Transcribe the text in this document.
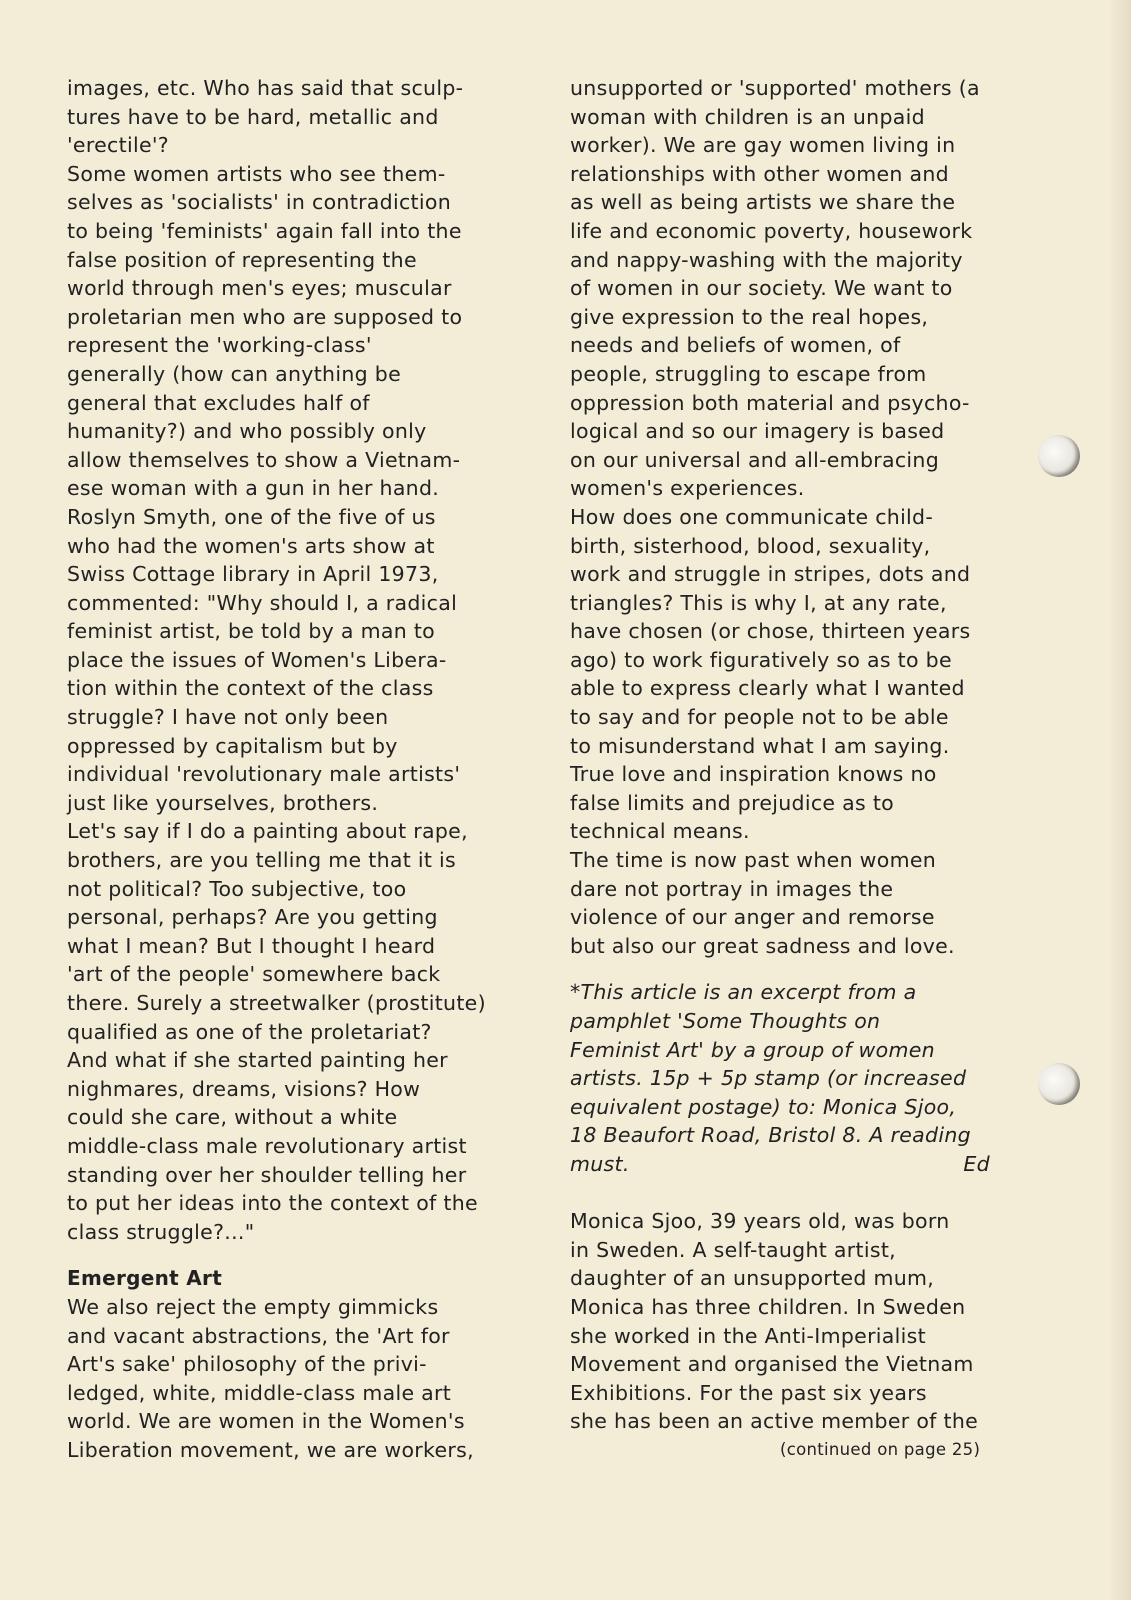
images, etc. Who has said that sculp-
tures have to be hard, metallic and
'erectile'?
Some women artists who see them-
selves as 'socialists' in contradiction
to being 'feminists' again fall into the
false position of representing the
world through men's eyes; muscular
proletarian men who are supposed to
represent the 'working-class'
generally (how can anything be
general that excludes half of
humanity?) and who possibly only
allow themselves to show a Vietnam-
ese woman with a gun in her hand.
Roslyn Smyth, one of the five of us
who had the women's arts show at
Swiss Cottage library in April 1973,
commented: "Why should I, a radical
feminist artist, be told by a man to
place the issues of Women's Libera-
tion within the context of the class
struggle? I have not only been
oppressed by capitalism but by
individual 'revolutionary male artists'
just like yourselves, brothers.
Let's say if I do a painting about rape,
brothers, are you telling me that it is
not political? Too subjective, too
personal, perhaps? Are you getting
what I mean? But I thought I heard
'art of the people' somewhere back
there. Surely a streetwalker (prostitute)
qualified as one of the proletariat?
And what if she started painting her
nighmares, dreams, visions? How
could she care, without a white
middle-class male revolutionary artist
standing over her shoulder telling her
to put her ideas into the context of the
class struggle?..."
Emergent Art
We also reject the empty gimmicks
and vacant abstractions, the 'Art for
Art's sake' philosophy of the privi-
ledged, white, middle-class male art
world. We are women in the Women's
Liberation movement, we are workers,
unsupported or 'supported' mothers (a
woman with children is an unpaid
worker). We are gay women living in
relationships with other women and
as well as being artists we share the
life and economic poverty, housework
and nappy-washing with the majority
of women in our society. We want to
give expression to the real hopes,
needs and beliefs of women, of
people, struggling to escape from
oppression both material and psycho-
logical and so our imagery is based
on our universal and all-embracing
women's experiences.
How does one communicate child-
birth, sisterhood, blood, sexuality,
work and struggle in stripes, dots and
triangles? This is why I, at any rate,
have chosen (or chose, thirteen years
ago) to work figuratively so as to be
able to express clearly what I wanted
to say and for people not to be able
to misunderstand what I am saying.
True love and inspiration knows no
false limits and prejudice as to
technical means.
The time is now past when women
dare not portray in images the
violence of our anger and remorse
but also our great sadness and love.
*This article is an excerpt from a
pamphlet 'Some Thoughts on
Feminist Art' by a group of women
artists. 15p + 5p stamp (or increased
equivalent postage) to: Monica Sjoo,
18 Beaufort Road, Bristol 8. A reading
must.	Ed
Monica Sjoo, 39 years old, was born
in Sweden. A self-taught artist,
daughter of an unsupported mum,
Monica has three children. In Sweden
she worked in the Anti-Imperialist
Movement and organised the Vietnam
Exhibitions. For the past six years
she has been an active member of the
(continued on page 25)
